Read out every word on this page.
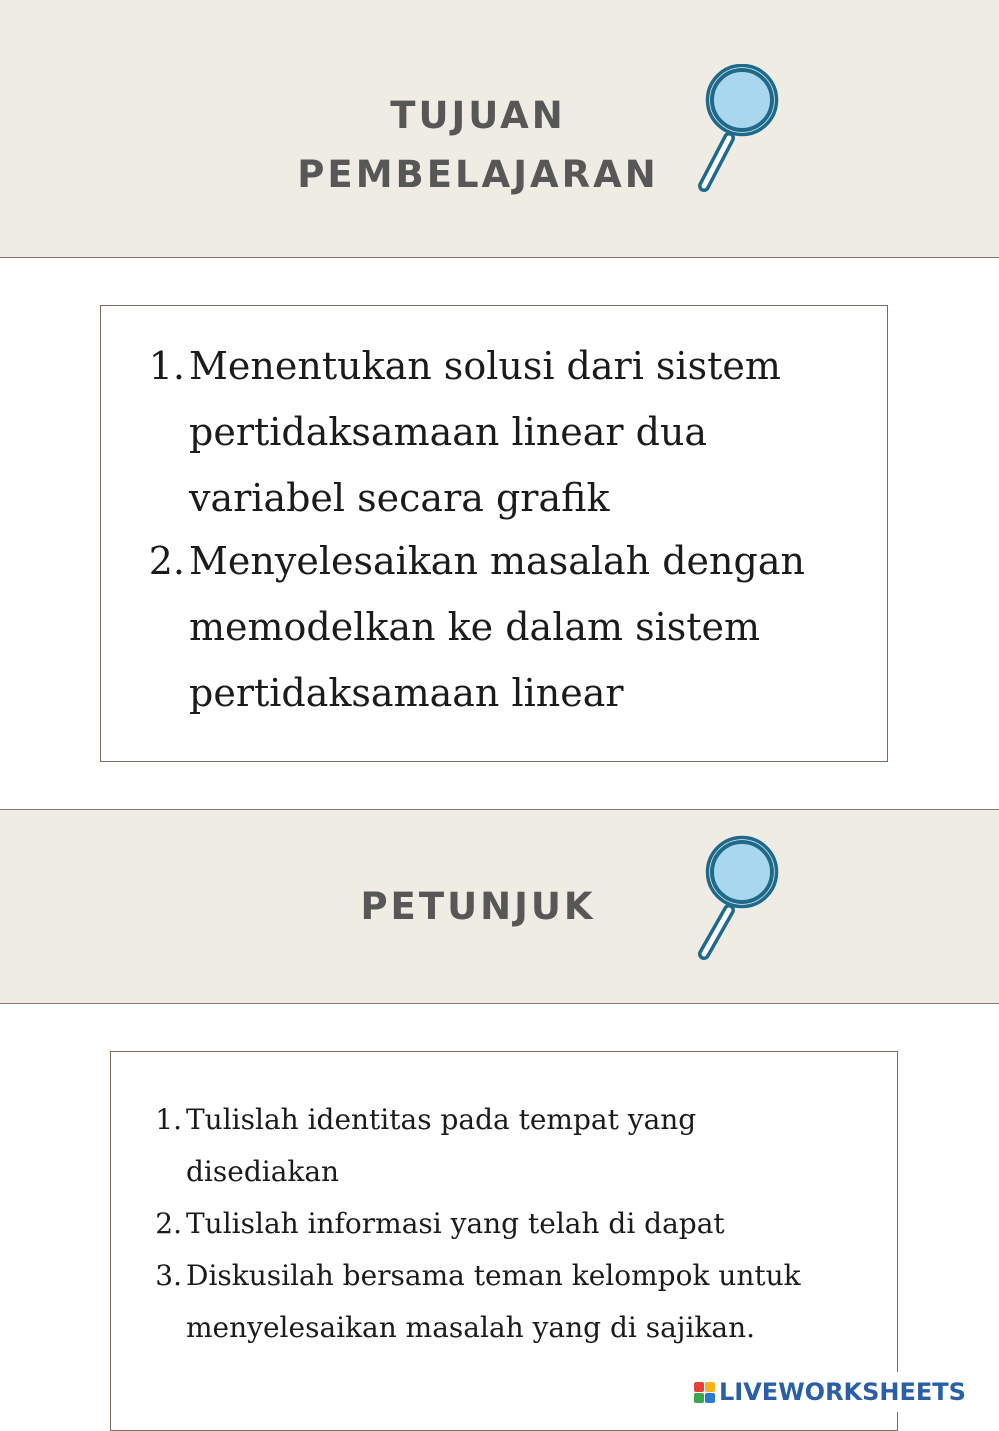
TUJUAN
PEMBELAJARAN
1. Menentukan solusi dari sistem
pertidaksamaan linear dua
variabel secara grafik
2. Menyelesaikan masalah dengan
memodelkan ke dalam sistem
pertidaksamaan linear
PETUNJUK
1. Tulislah identitas pada tempat yang
disediakan
2. Tulislah informasi yang telah di dapat
3. Diskusilah bersama teman kelompok untuk
menyelesaikan masalah yang di sajikan.
LIVEWORKSHEETS
